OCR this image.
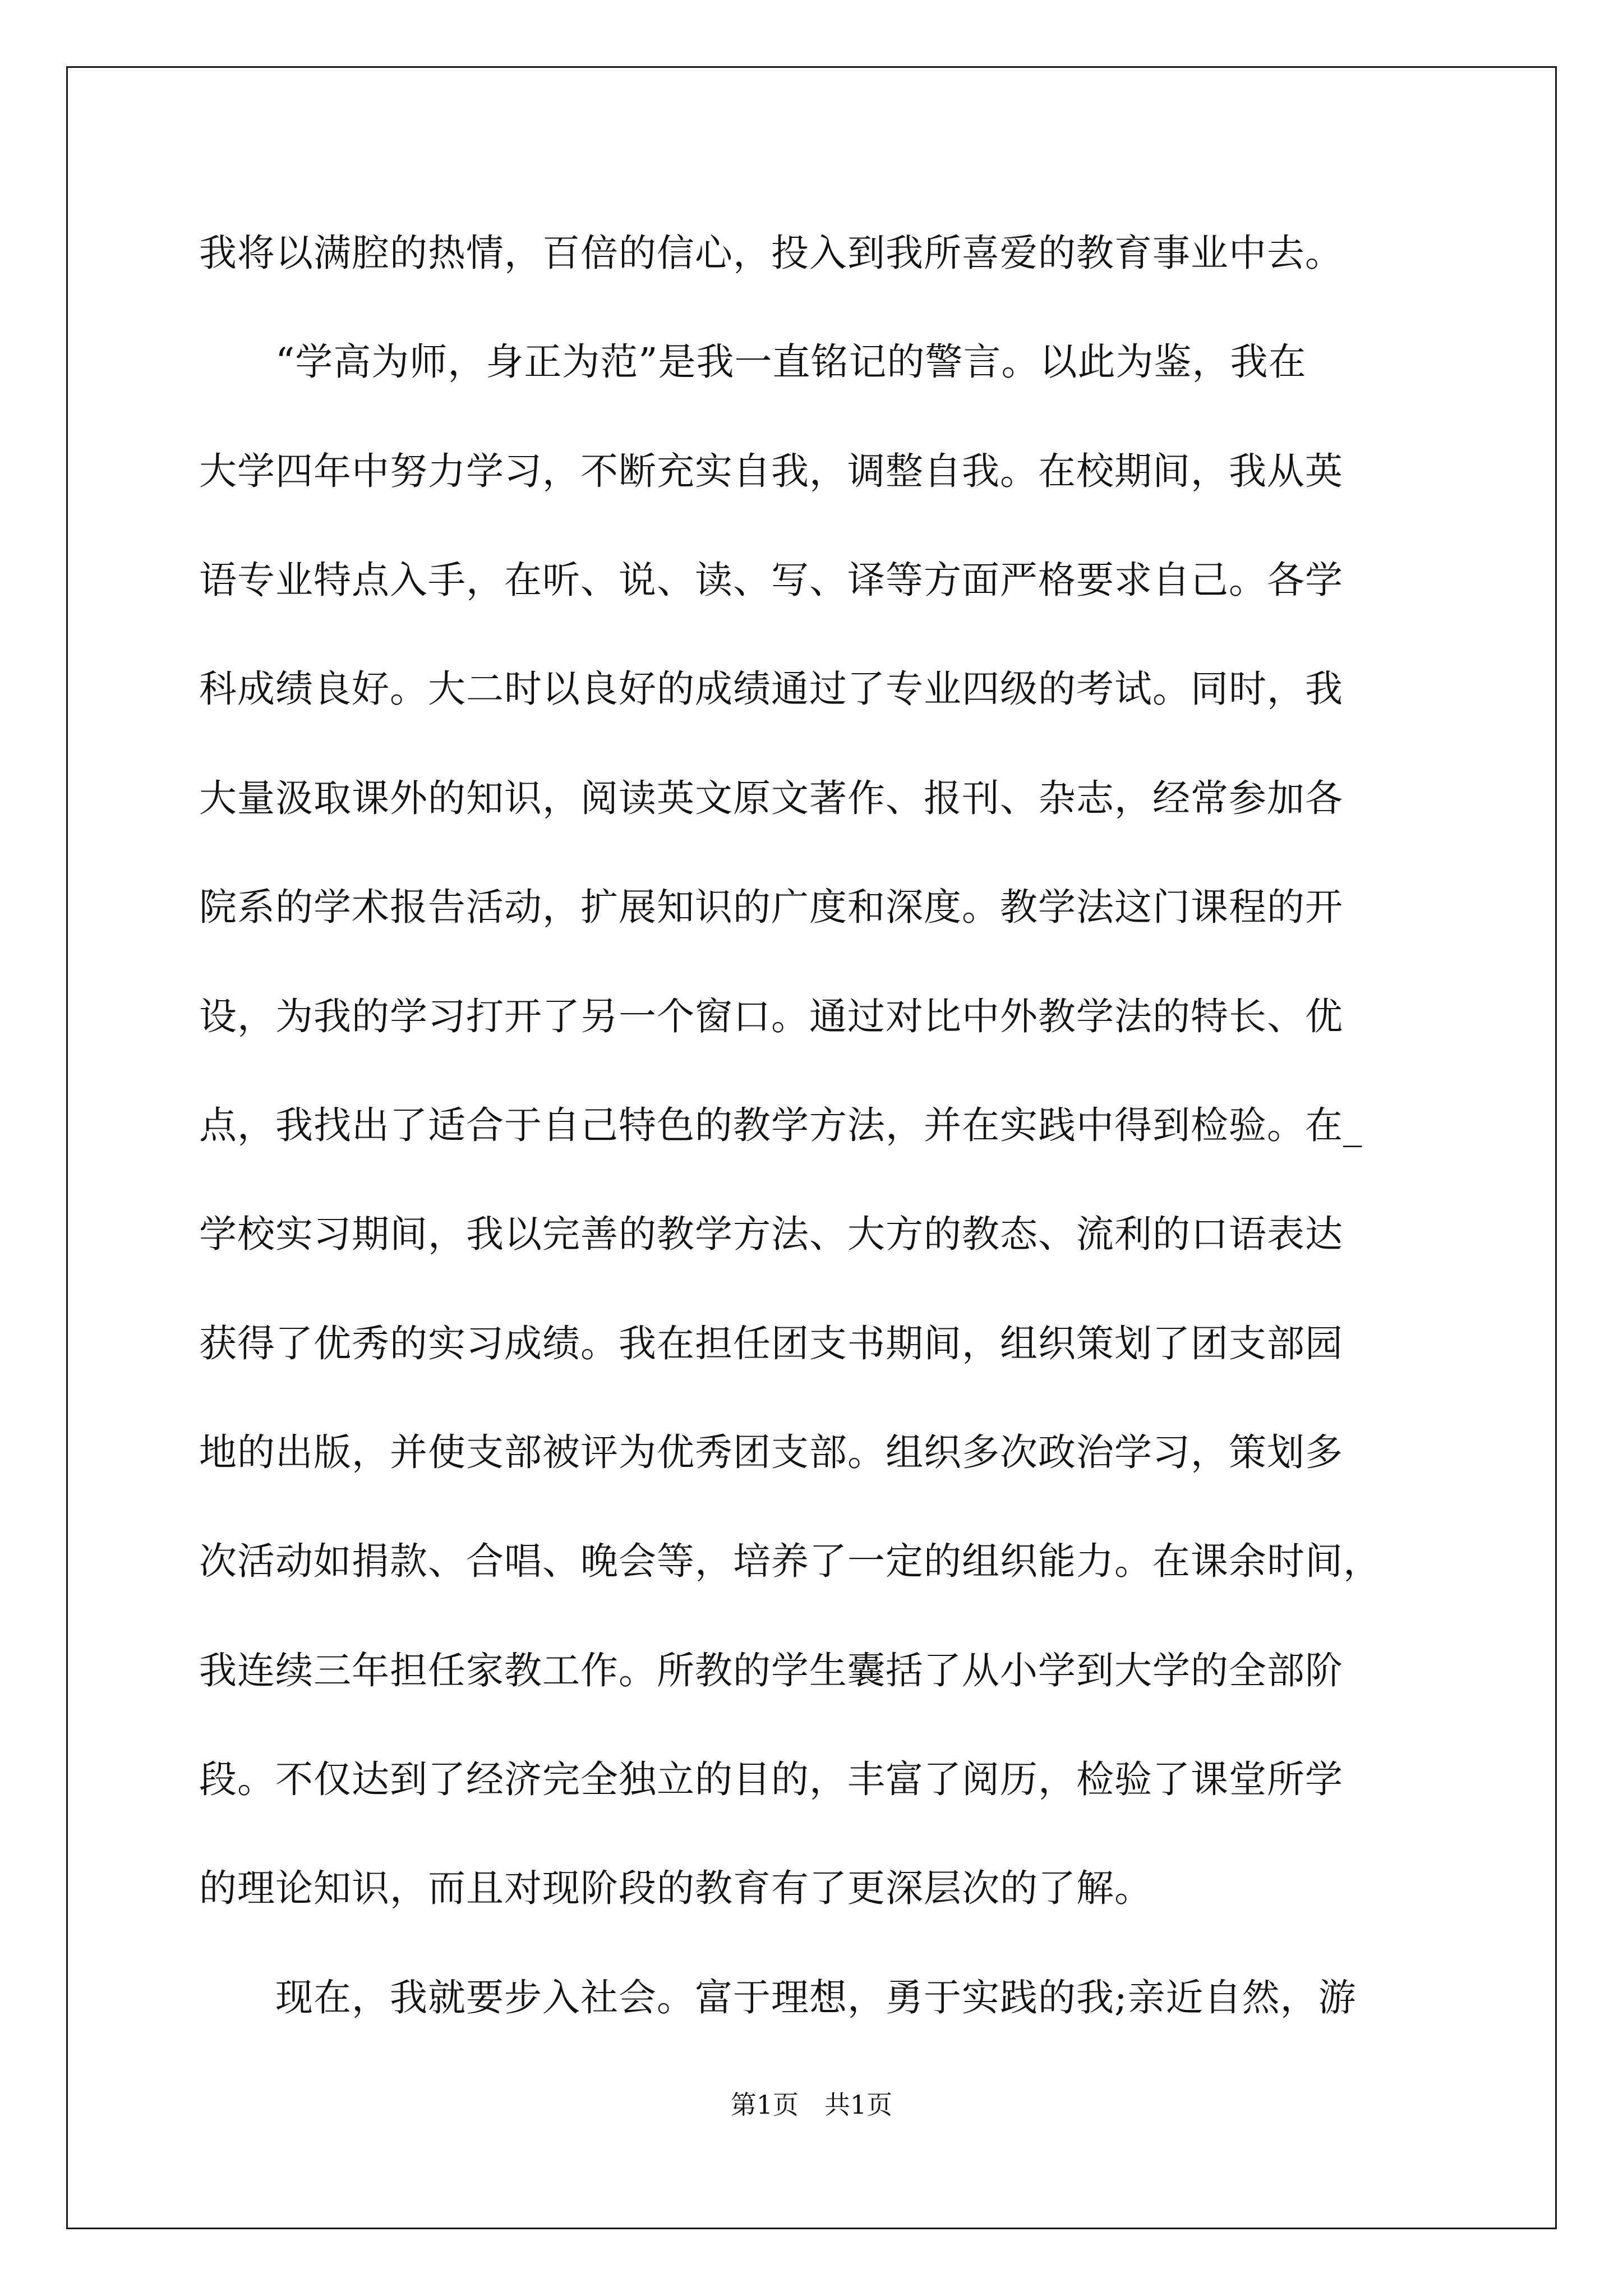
我将以满腔的热情，百倍的信心，投入到我所喜爱的教育事业中去。
　　“学高为师，身正为范”是我一直铭记的警言。以此为鉴，我在
大学四年中努力学习，不断充实自我，调整自我。在校期间，我从英
语专业特点入手，在听、说、读、写、译等方面严格要求自己。各学
科成绩良好。大二时以良好的成绩通过了专业四级的考试。同时，我
大量汲取课外的知识，阅读英文原文著作、报刊、杂志，经常参加各
院系的学术报告活动，扩展知识的广度和深度。教学法这门课程的开
设，为我的学习打开了另一个窗口。通过对比中外教学法的特长、优
点，我找出了适合于自己特色的教学方法，并在实践中得到检验。在_
学校实习期间，我以完善的教学方法、大方的教态、流利的口语表达
获得了优秀的实习成绩。我在担任团支书期间，组织策划了团支部园
地的出版，并使支部被评为优秀团支部。组织多次政治学习，策划多
次活动如捐款、合唱、晚会等，培养了一定的组织能力。在课余时间，
我连续三年担任家教工作。所教的学生囊括了从小学到大学的全部阶
段。不仅达到了经济完全独立的目的，丰富了阅历，检验了课堂所学
的理论知识，而且对现阶段的教育有了更深层次的了解。
　　现在，我就要步入社会。富于理想，勇于实践的我;亲近自然，游
第1页　共1页
